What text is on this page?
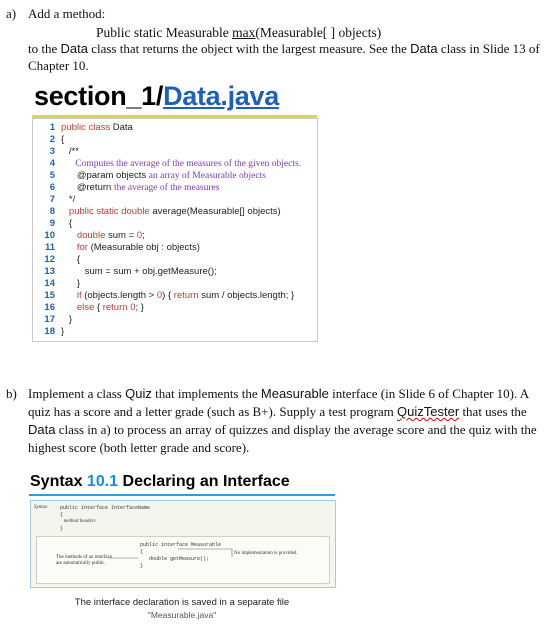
a) Add a method:
Public static Measurable max(Measurable[ ] objects)
to the Data class that returns the object with the largest measure. See the Data class in Slide 13 of
Chapter 10.
section_1/Data.java
1 public class Data
2 {
3   /**
4      Computes the average of the measures of the given objects.
5      @param objects an array of Measurable objects
6      @return the average of the measures
7   */
8   public static double average(Measurable[] objects)
9   {
10      double sum = 0;
11      for (Measurable obj : objects)
12      {
13         sum = sum + obj.getMeasure();
14      }
15      if (objects.length > 0) { return sum / objects.length; }
16      else { return 0; }
17   }
18 }
b) Implement a class Quiz that implements the Measurable interface (in Slide 6 of Chapter 10). A
quiz has a score and a letter grade (such as B+). Supply a test program QuizTester that uses the
Data class in a) to process an array of quizzes and display the average score and the quiz with the
highest score (both letter grade and score).
Syntax 10.1 Declaring an Interface
Syntax	public interface InterfaceName
{
method headers
}
public interface Measurable
{
double getMeasure();
}
No implementation is provided.
The methods of an interface
are automatically public.
The interface declaration is saved in a separate file
"Measurable.java"
